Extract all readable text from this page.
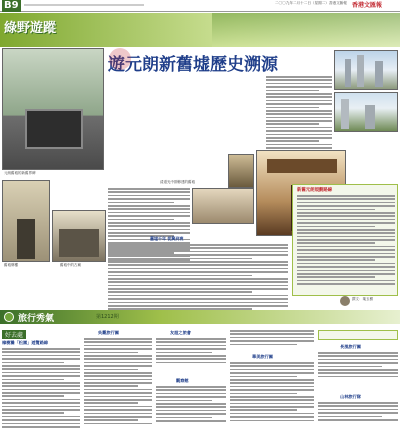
B9	二〇〇九年二月十二日（星期二）香港文匯報 香港文匯報
綠野遊蹤
元朗舊墟的新舊界碑
遊元朗新舊墟歷史溯源
清道光中期修建的舊墟
舊墟牌樓	舊墟中的古廟
舊墟千年 從興到衰
新舊元朗規劃路線
撰文：葉玉樹
旅行秀氣	第1212期
好去處
樟樹灘「松園」遊覽路線
吳觀旅行團	友誼之旅會
觀察館
華美旅行團
長風旅行團
山林旅行隊
